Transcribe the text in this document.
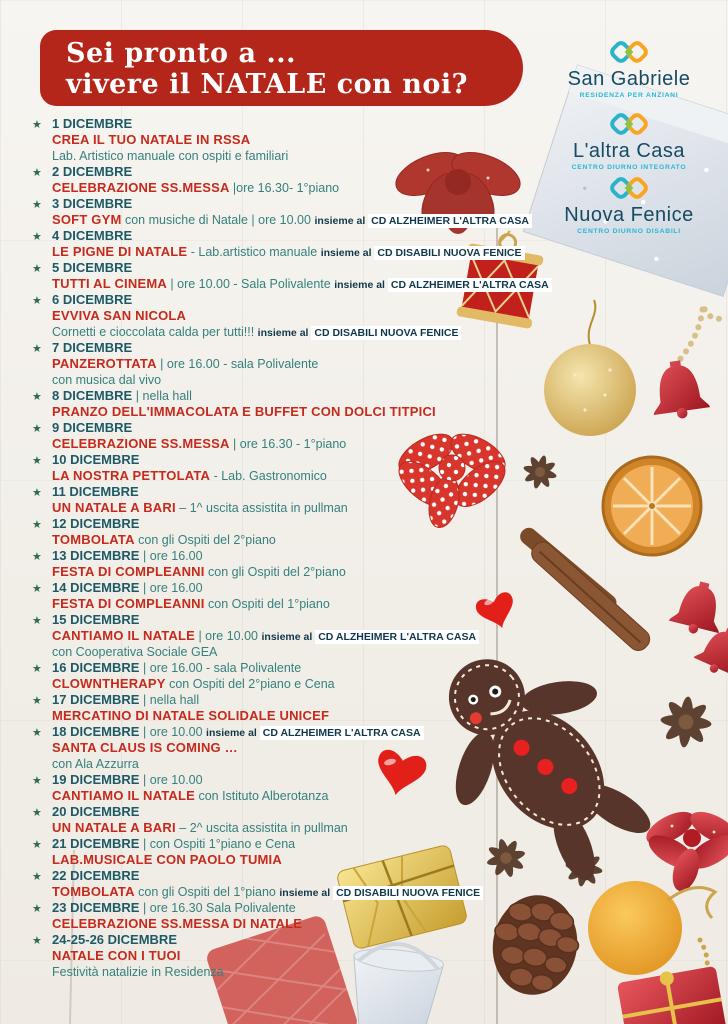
Sei pronto a ...
vivere il NATALE con noi?	San Gabriele
RESIDENZA PER ANZIANI
L'altra Casa
CENTRO DIURNO INTEGRATO
Nuova Fenice
CENTRO DIURNO DISABILI
★ 1 DICEMBRE
CREA IL TUO NATALE IN RSSA
Lab. Artistico manuale con ospiti e familiari
★ 2 DICEMBRE
CELEBRAZIONE SS.MESSA |ore 16.30- 1°piano
★ 3 DICEMBRE
SOFT GYM con musiche di Natale | ore 10.00 insieme al CD ALZHEIMER L'ALTRA CASA
★ 4 DICEMBRE
LE PIGNE DI NATALE - Lab.artistico manuale insieme al CD DISABILI NUOVA FENICE
★ 5 DICEMBRE
TUTTI AL CINEMA | ore 10.00 - Sala Polivalente insieme al CD ALZHEIMER L'ALTRA CASA
★ 6 DICEMBRE
EVVIVA SAN NICOLA
Cornetti e cioccolata calda per tutti!!! insieme al CD DISABILI NUOVA FENICE
★ 7 DICEMBRE
PANZEROTTATA | ore 16.00 - sala Polivalente
con musica dal vivo
★ 8 DICEMBRE | nella hall
PRANZO DELL'IMMACOLATA E BUFFET CON DOLCI TITPICI
★ 9 DICEMBRE
CELEBRAZIONE SS.MESSA | ore 16.30 - 1°piano
★ 10 DICEMBRE
LA NOSTRA PETTOLATA - Lab. Gastronomico
★ 11 DICEMBRE
UN NATALE A BARI – 1^ uscita assistita in pullman
★ 12 DICEMBRE
TOMBOLATA con gli Ospiti del 2°piano
★ 13 DICEMBRE | ore 16.00
FESTA DI COMPLEANNI con gli Ospiti del 2°piano
★ 14 DICEMBRE | ore 16.00
FESTA DI COMPLEANNI con Ospiti del 1°piano
★ 15 DICEMBRE
CANTIAMO IL NATALE | ore 10.00 insieme al CD ALZHEIMER L'ALTRA CASA
con Cooperativa Sociale GEA
★ 16 DICEMBRE | ore 16.00 - sala Polivalente
CLOWNTHERAPY con Ospiti del 2°piano e Cena
★ 17 DICEMBRE | nella hall
MERCATINO DI NATALE SOLIDALE UNICEF
★ 18 DICEMBRE | ore 10.00 insieme al CD ALZHEIMER L'ALTRA CASA
SANTA CLAUS IS COMING …
con Ala Azzurra
★ 19 DICEMBRE | ore 10.00
CANTIAMO IL NATALE con Istituto Alberotanza
★ 20 DICEMBRE
UN NATALE A BARI – 2^ uscita assistita in pullman
★ 21 DICEMBRE | con Ospiti 1°piano e Cena
LAB.MUSICALE CON PAOLO TUMIA
★ 22 DICEMBRE
TOMBOLATA con gli Ospiti del 1°piano insieme al CD DISABILI NUOVA FENICE
★ 23 DICEMBRE | ore 16.30 Sala Polivalente
CELEBRAZIONE SS.MESSA DI NATALE
★ 24-25-26 DICEMBRE
NATALE CON I TUOI
Festività natalizie in Residenza
